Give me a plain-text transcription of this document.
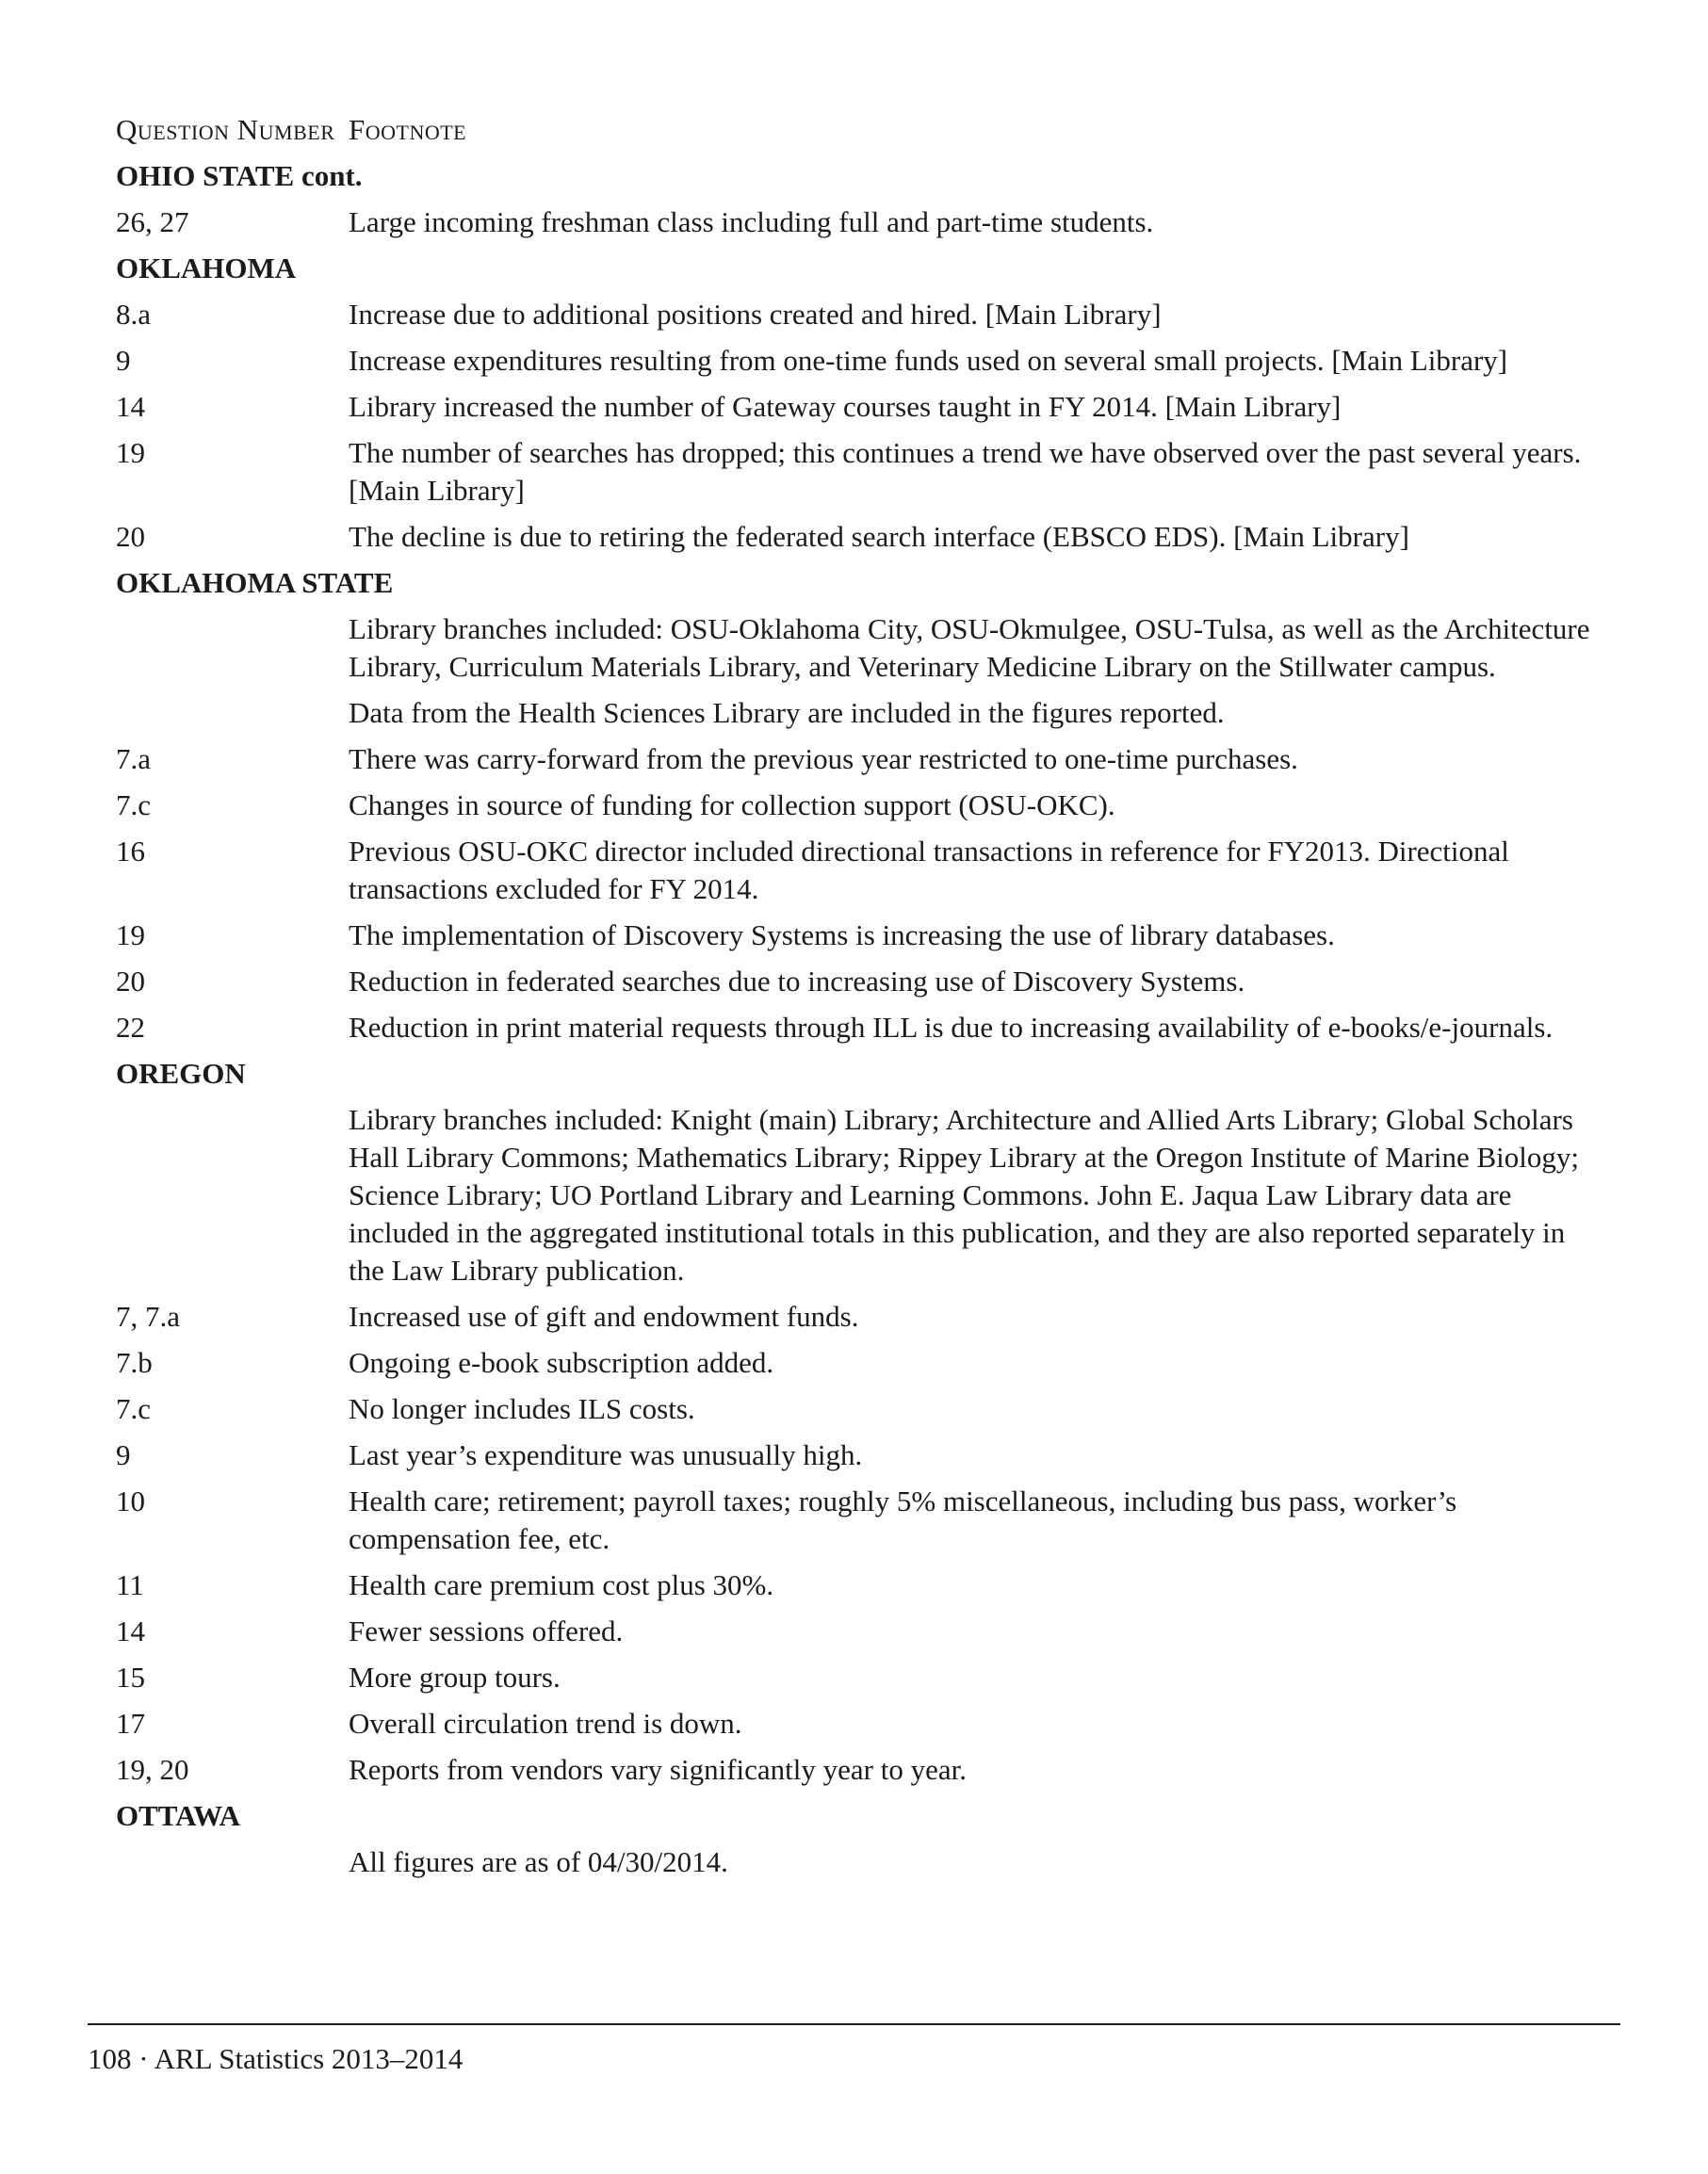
Question Number Footnote
OHIO STATE cont.
26, 27	Large incoming freshman class including full and part-time students.
OKLAHOMA
8.a	Increase due to additional positions created and hired. [Main Library]
9	Increase expenditures resulting from one-time funds used on several small projects. [Main Library]
14	Library increased the number of Gateway courses taught in FY 2014. [Main Library]
19	The number of searches has dropped; this continues a trend we have observed over the past several years. [Main Library]
20	The decline is due to retiring the federated search interface (EBSCO EDS). [Main Library]
OKLAHOMA STATE
Library branches included: OSU-Oklahoma City, OSU-Okmulgee, OSU-Tulsa, as well as the Architecture Library, Curriculum Materials Library, and Veterinary Medicine Library on the Stillwater campus.
Data from the Health Sciences Library are included in the figures reported.
7.a	There was carry-forward from the previous year restricted to one-time purchases.
7.c	Changes in source of funding for collection support (OSU-OKC).
16	Previous OSU-OKC director included directional transactions in reference for FY2013. Directional transactions excluded for FY 2014.
19	The implementation of Discovery Systems is increasing the use of library databases.
20	Reduction in federated searches due to increasing use of Discovery Systems.
22	Reduction in print material requests through ILL is due to increasing availability of e-books/e-journals.
OREGON
Library branches included: Knight (main) Library; Architecture and Allied Arts Library; Global Scholars Hall Library Commons; Mathematics Library; Rippey Library at the Oregon Institute of Marine Biology; Science Library; UO Portland Library and Learning Commons. John E. Jaqua Law Library data are included in the aggregated institutional totals in this publication, and they are also reported separately in the Law Library publication.
7, 7.a	Increased use of gift and endowment funds.
7.b	Ongoing e-book subscription added.
7.c	No longer includes ILS costs.
9	Last year’s expenditure was unusually high.
10	Health care; retirement; payroll taxes; roughly 5% miscellaneous, including bus pass, worker’s compensation fee, etc.
11	Health care premium cost plus 30%.
14	Fewer sessions offered.
15	More group tours.
17	Overall circulation trend is down.
19, 20	Reports from vendors vary significantly year to year.
OTTAWA
All figures are as of 04/30/2014.
108 · ARL Statistics 2013–2014
